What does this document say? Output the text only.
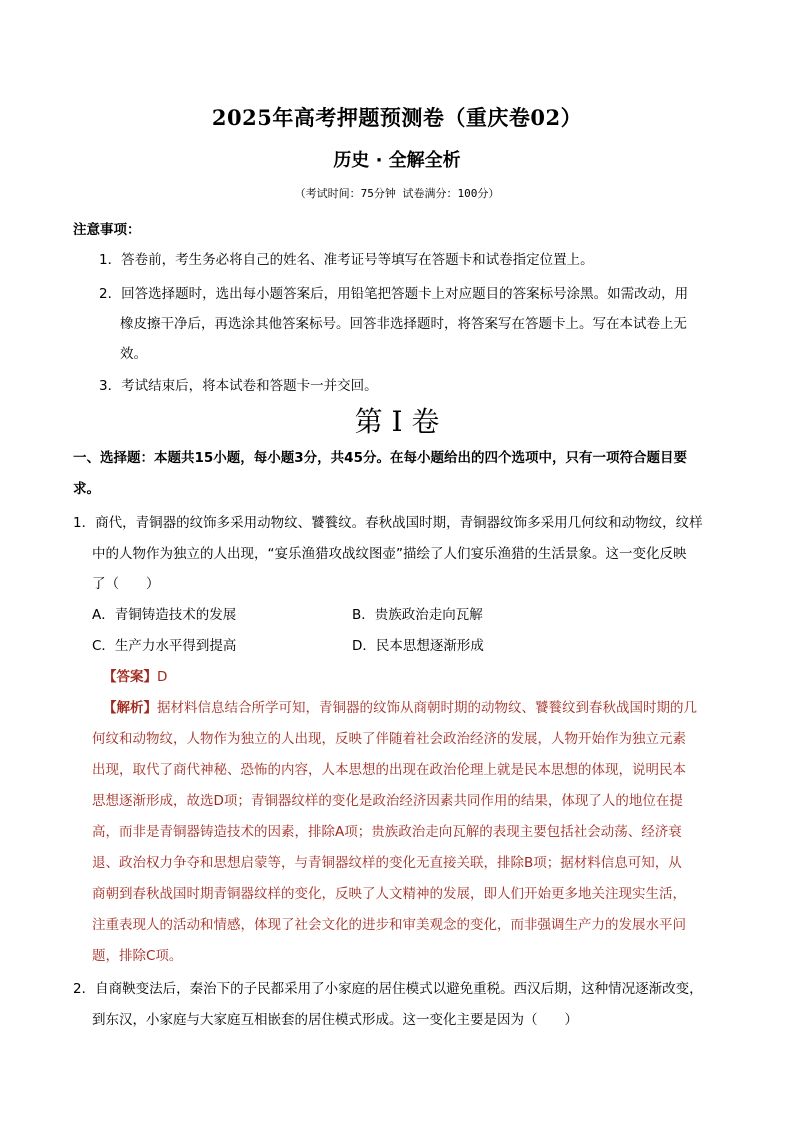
2025年高考押题预测卷（重庆卷02）
历史 · 全解全析
（考试时间：75分钟 试卷满分：100分）
注意事项：
1．答卷前，考生务必将自己的姓名、准考证号等填写在答题卡和试卷指定位置上。
2．回答选择题时，选出每小题答案后，用铅笔把答题卡上对应题目的答案标号涂黑。如需改动，用
橡皮擦干净后，再选涂其他答案标号。回答非选择题时，将答案写在答题卡上。写在本试卷上无
效。
3．考试结束后，将本试卷和答题卡一并交回。
第 I 卷
一、选择题：本题共15小题，每小题3分，共45分。在每小题给出的四个选项中，只有一项符合题目要
求。
1．商代，青铜器的纹饰多采用动物纹、饕餮纹。春秋战国时期，青铜器纹饰多采用几何纹和动物纹，纹样
中的人物作为独立的人出现，“宴乐渔猎攻战纹图壶”描绘了人们宴乐渔猎的生活景象。这一变化反映
了（　　）
A．青铜铸造技术的发展	B．贵族政治走向瓦解
C．生产力水平得到提高	D．民本思想逐渐形成
【答案】D
【解析】据材料信息结合所学可知，青铜器的纹饰从商朝时期的动物纹、饕餮纹到春秋战国时期的几
何纹和动物纹，人物作为独立的人出现，反映了伴随着社会政治经济的发展，人物开始作为独立元素
出现，取代了商代神秘、恐怖的内容，人本思想的出现在政治伦理上就是民本思想的体现，说明民本
思想逐渐形成，故选D项；青铜器纹样的变化是政治经济因素共同作用的结果，体现了人的地位在提
高，而非是青铜器铸造技术的因素，排除A项；贵族政治走向瓦解的表现主要包括社会动荡、经济衰
退、政治权力争夺和思想启蒙等，与青铜器纹样的变化无直接关联，排除B项；据材料信息可知，从
商朝到春秋战国时期青铜器纹样的变化，反映了人文精神的发展，即人们开始更多地关注现实生活，
注重表现人的活动和情感，体现了社会文化的进步和审美观念的变化，而非强调生产力的发展水平问
题，排除C项。
2．自商鞅变法后，秦治下的子民都采用了小家庭的居住模式以避免重税。西汉后期，这种情况逐渐改变，
到东汉，小家庭与大家庭互相嵌套的居住模式形成。这一变化主要是因为（　　）
